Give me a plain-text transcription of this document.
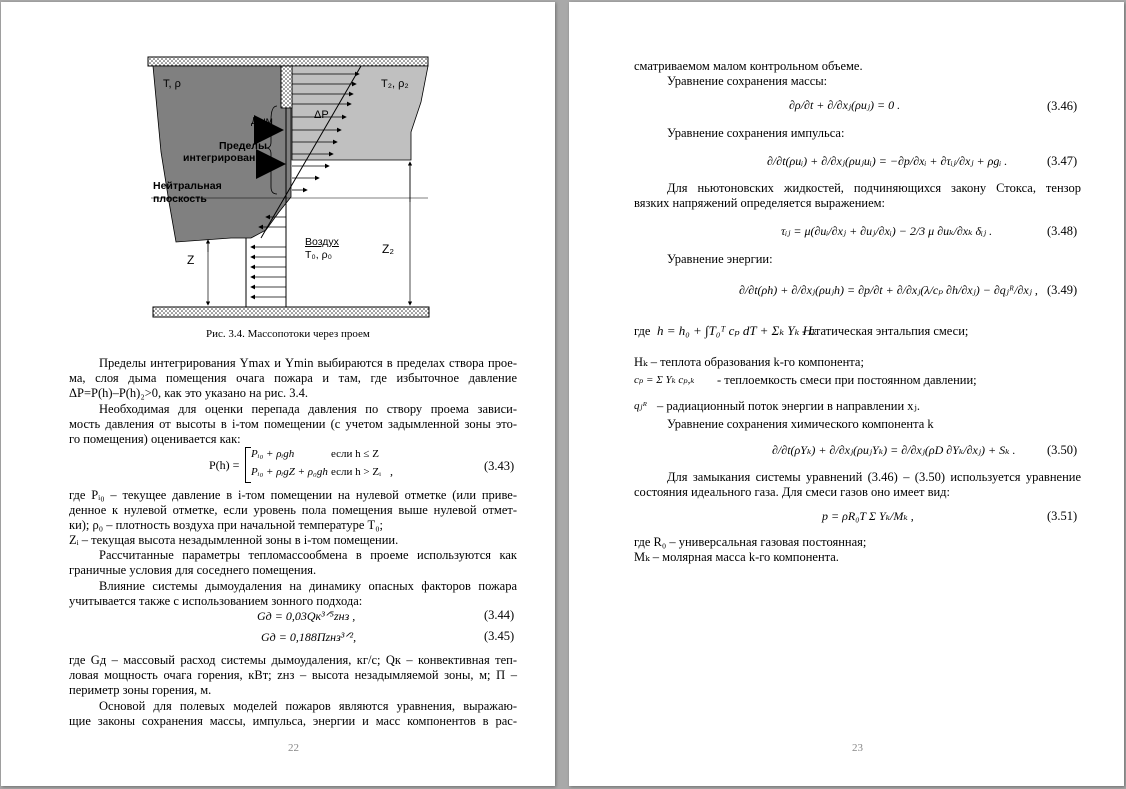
T, ρ	T₂, ρ₂
Дым	ΔP
Пределы
интегрирования
Нейтральная
плоскость
Воздух
T₀, ρ₀
Z
Z₂
Рис. 3.4. Массопотоки через проем
Пределы интегрирования Ymax и Ymin выбираются в пределах створа прое-
ма, слоя дыма помещения очага пожара и там, где избыточное давление
ΔP=P(h)–P(h)₂>0, как это указано на рис. 3.4.
Необходимая для оценки перепада давления по створу проема зависи-
мость давления от высоты в i-том помещении (с учетом задымленной зоны это-
го помещения) оценивается как:
P(h) =
Pᵢ₀ + ρᵢgh	если h ≤ Z
Pᵢ₀ + ρᵢgZ + ρ₀gh если h > Zᵢ ,	(3.43)
где Pᵢ₀ – текущее давление в i-том помещении на нулевой отметке (или приве-
денное к нулевой отметке, если уровень пола помещения выше нулевой отмет-
ки); ρ₀ – плотность воздуха при начальной температуре T₀;
Zᵢ – текущая высота незадымленной зоны в i-том помещении.
Рассчитанные параметры тепломассообмена в проеме используются как
граничные условия для соседнего помещения.
Влияние системы дымоудаления на динамику опасных факторов пожара
учитывается также с использованием зонного подхода:
Gд = 0,03Qк³ᐟ⁵zнз ,	(3.44)
Gд = 0,188Пzнз³ᐟ²,	(3.45)
где Gд – массовый расход системы дымоудаления, кг/с; Qк – конвективная теп-
ловая мощность очага горения, кВт; zнз – высота незадымляемой зоны, м; П –
периметр зоны горения, м.
Основой для полевых моделей пожаров являются уравнения, выражаю-
щие законы сохранения массы, импульса, энергии и масс компонентов в рас-
22
сматриваемом малом контрольном объеме.
Уравнение сохранения массы:
∂ρ/∂t + ∂/∂xⱼ(ρuⱼ) = 0 .	(3.46)
Уравнение сохранения импульса:
∂/∂t(ρuᵢ) + ∂/∂xⱼ(ρuⱼuᵢ) = −∂p/∂xᵢ + ∂τᵢⱼ/∂xⱼ + ρgᵢ .	(3.47)
Для ньютоновских жидкостей, подчиняющихся закону Стокса, тензор
вязких напряжений определяется выражением:
τᵢⱼ = μ(∂uᵢ/∂xⱼ + ∂uⱼ/∂xᵢ) − 2/3 μ ∂uₖ/∂xₖ δᵢⱼ .	(3.48)
Уравнение энергии:
∂/∂t(ρh) + ∂/∂xⱼ(ρuⱼh) = ∂p/∂t + ∂/∂xⱼ(λ/cₚ ∂h/∂xⱼ) − ∂qⱼᴿ/∂xⱼ , (3.49)
где h = h₀ + ∫T₀ᵀ cₚ dT + Σₖ Yₖ Hₖ
- статическая энтальпия смеси;
Hₖ – теплота образования k-го компонента;
cₚ = Σ Yₖ cₚ,ₖ - теплоемкость смеси при постоянном давлении;
qⱼᴿ – радиационный поток энергии в направлении xⱼ.
Уравнение сохранения химического компонента k
∂/∂t(ρYₖ) + ∂/∂xⱼ(ρuⱼYₖ) = ∂/∂xⱼ(ρD ∂Yₖ/∂xⱼ) + Sₖ .	(3.50)
Для замыкания системы уравнений (3.46) – (3.50) используется уравнение
состояния идеального газа. Для смеси газов оно имеет вид:
p = ρR₀T Σ Yₖ/Mₖ ,	(3.51)
где R₀ – универсальная газовая постоянная;
Mₖ – молярная масса k-го компонента.
23
